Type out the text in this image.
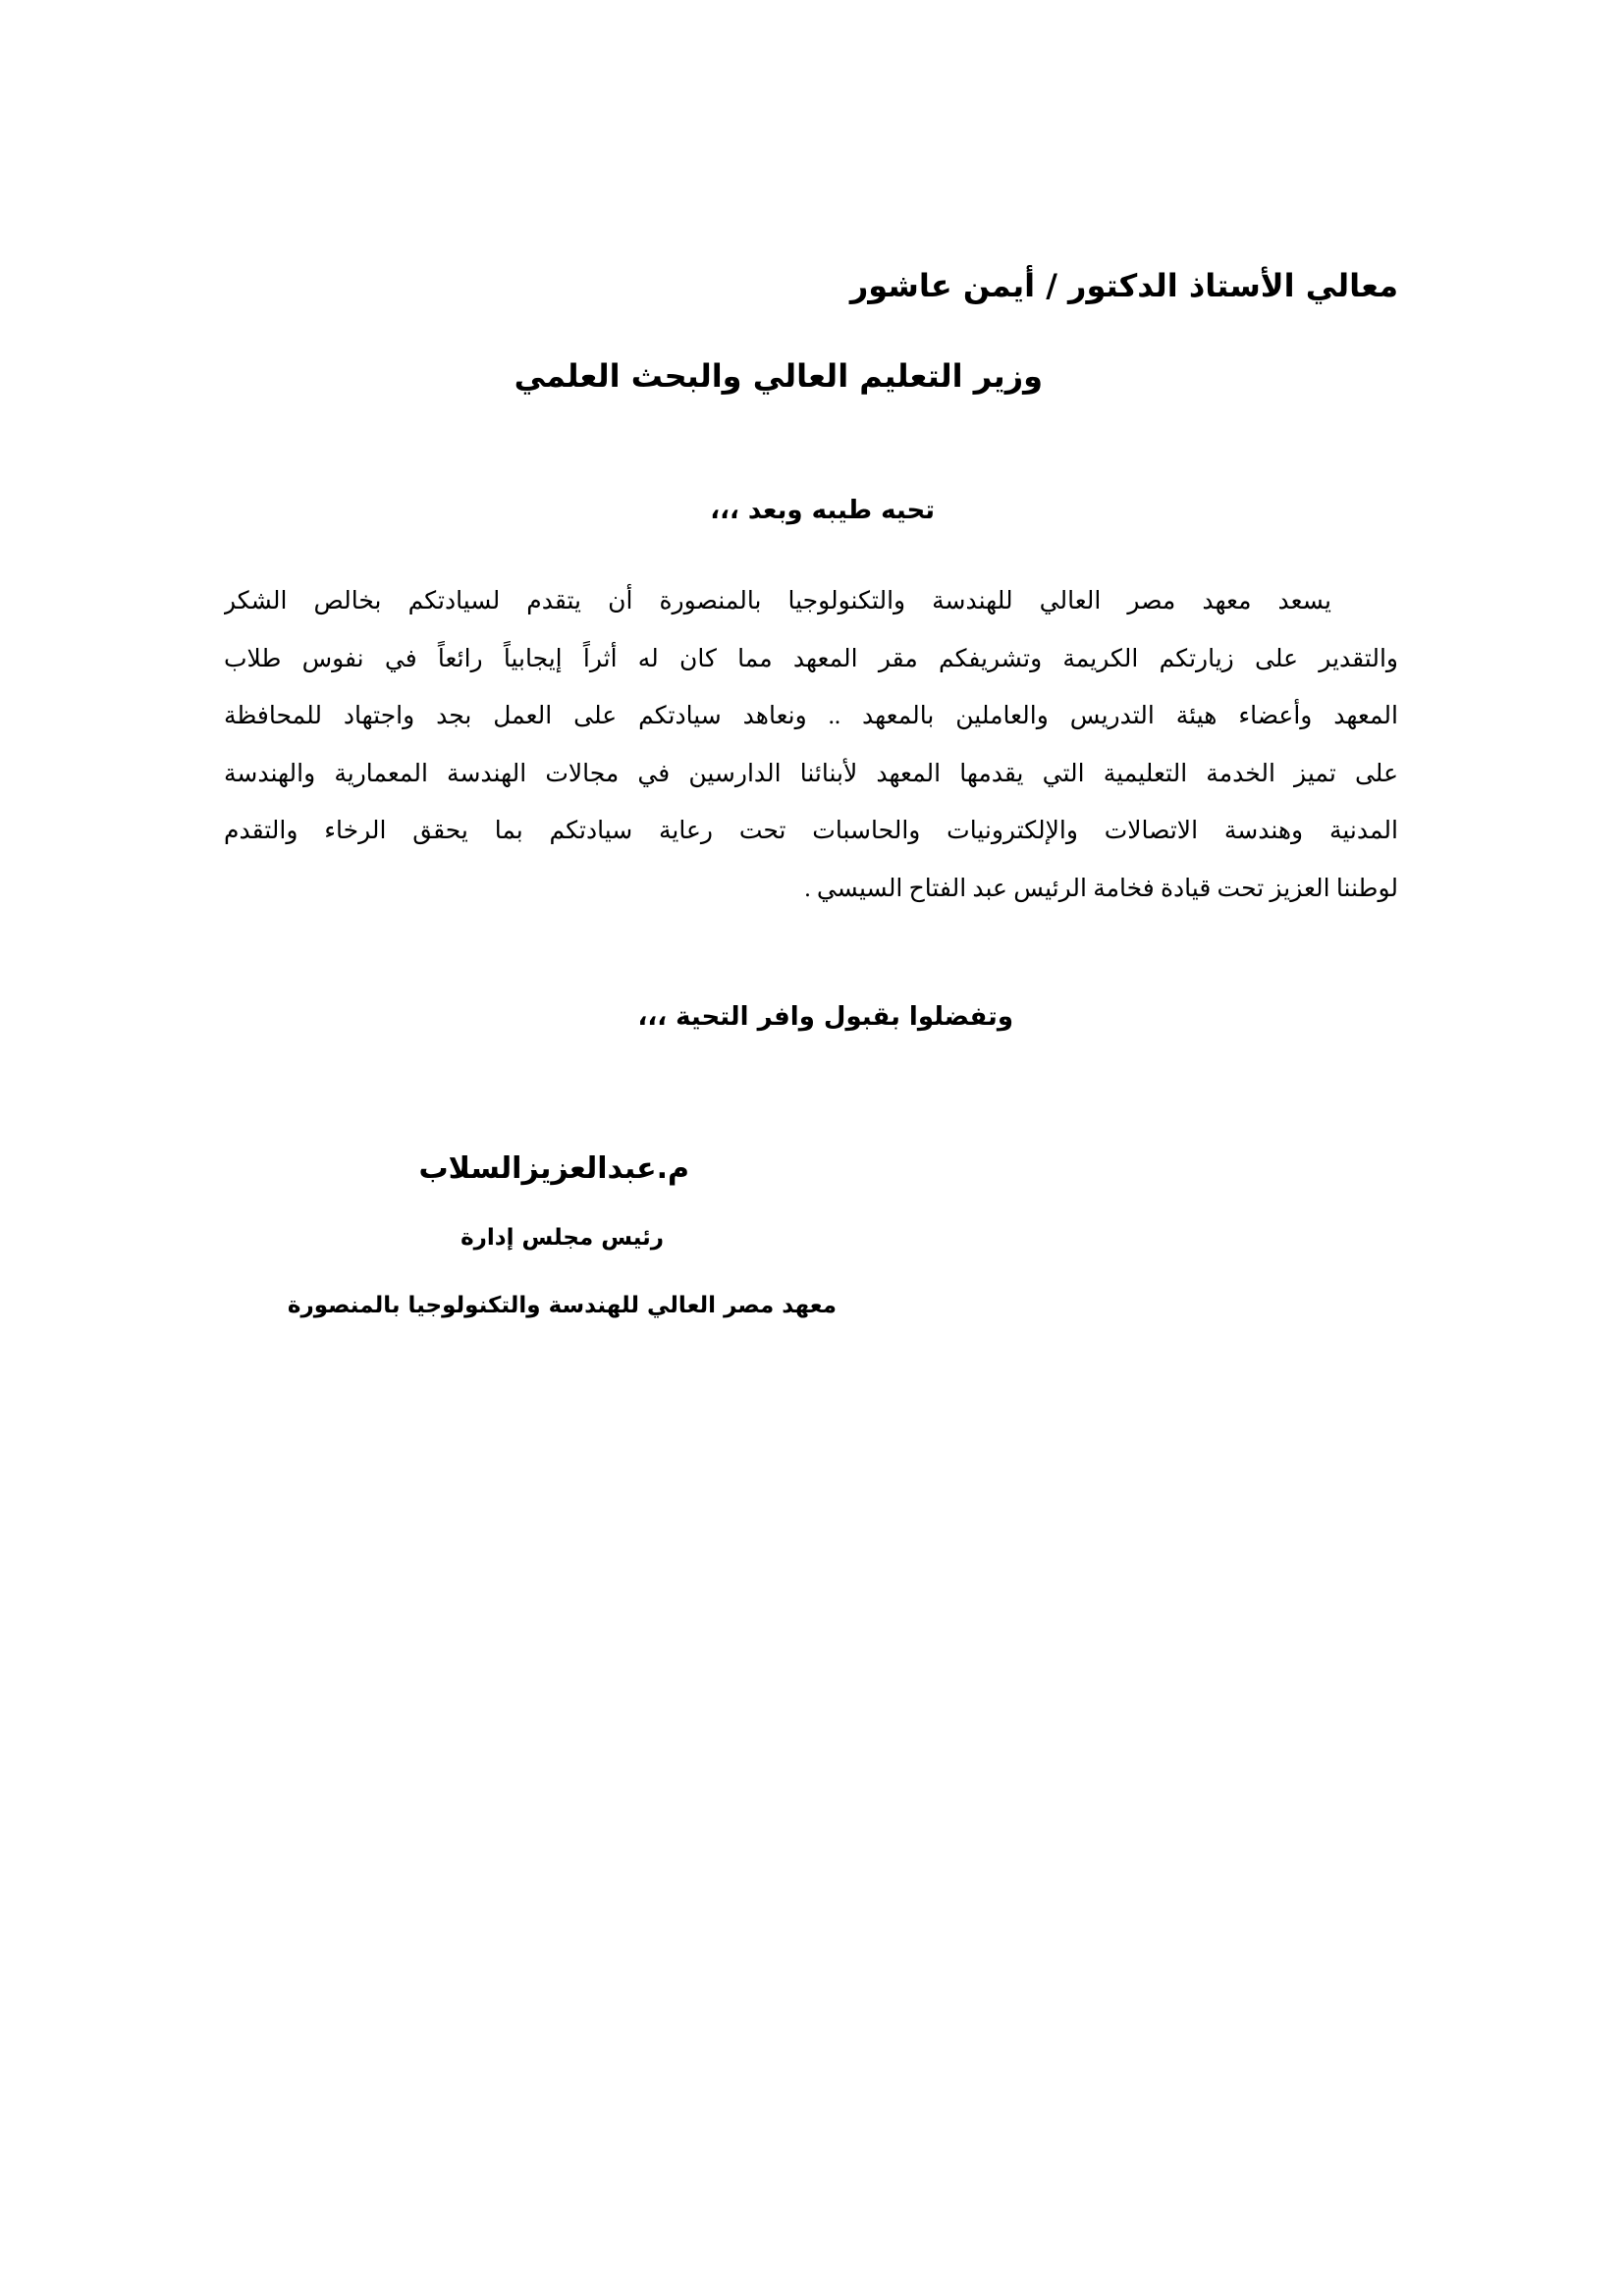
معالي الأستاذ الدكتور / أيمن عاشور
وزير التعليم العالي والبحث العلمي
تحيه طيبه وبعد ،،،
يسعد معهد مصر العالي للهندسة والتكنولوجيا بالمنصورة أن يتقدم لسيادتكم بخالص الشكر
والتقدير على زيارتكم الكريمة وتشريفكم مقر المعهد مما كان له أثراً إيجابياً رائعاً في نفوس طلاب
المعهد وأعضاء هيئة التدريس والعاملين بالمعهد .. ونعاهد سيادتكم على العمل بجد واجتهاد للمحافظة
على تميز الخدمة التعليمية التي يقدمها المعهد لأبنائنا الدارسين في مجالات الهندسة المعمارية والهندسة
المدنية وهندسة الاتصالات والإلكترونيات والحاسبات تحت رعاية سيادتكم بما يحقق الرخاء والتقدم
لوطننا العزيز تحت قيادة فخامة الرئيس عبد الفتاح السيسي .
وتفضلوا بقبول وافر التحية ،،،
م.عبدالعزيزالسلاب
رئيس مجلس إدارة
معهد مصر العالي للهندسة والتكنولوجيا بالمنصورة
